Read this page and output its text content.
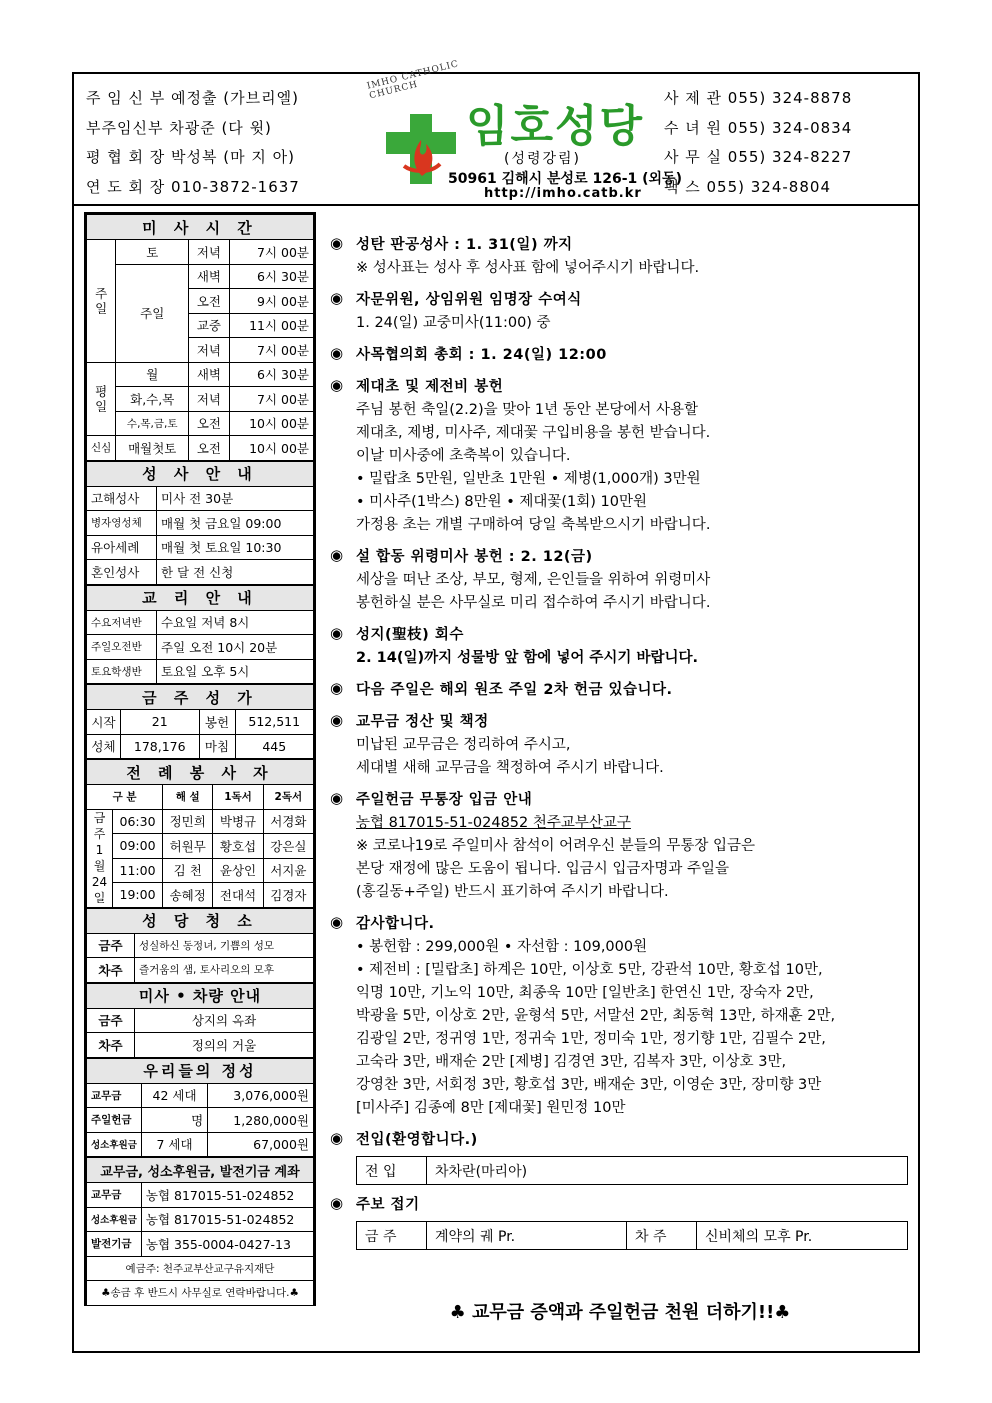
주 임 신 부 예정출 (가브리엘)
부주임신부 차광준 (다 윗)
평 협 회 장 박성복 (마 지 아)
연 도 회 장 010-3872-1637
IMHO CATHOLIC CHURCH
임호성당
(성령강림)
50961 김해시 분성로 126-1 (외동)
http://imho.catb.kr
사 제 관 055) 324-8878
수 녀 원 055) 324-0834
사 무 실 055) 324-8227
팩 스 055) 324-8804
미 사 시 간			
주일	토	저녁	7시 00분
	주일	새벽	6시 30분
		오전	9시 00분
		교중	11시 00분
		저녁	7시 00분
평일	월	새벽	6시 30분
	화,수,목	저녁	7시 00분
	수,목,금,토	오전	10시 00분
신심	매월첫토	오전	10시 00분
성 사 안 내	
고해성사	미사 전 30분
병자영성체	매월 첫 금요일 09:00
유아세례	매월 첫 토요일 10:30
혼인성사	한 달 전 신청
교 리 안 내	
수요저녁반	수요일 저녁 8시
주일오전반	주일 오전 10시 20분
토요학생반	토요일 오후 5시
금 주 성 가			
시작	21	봉헌	512,511
성체	178,176	마침	445
전 례 봉 사 자				
구 분		해 설	1독서	2독서

금주
1
월
24
일	06:30	정민희	박병규	서경화
	09:00	허원무	황호섭	강은실
	11:00	김 천	윤상인	서지윤
	19:00	송혜정	전대석	김경자
성 당 청 소	
금주	성실하신 동정녀, 기쁨의 성모
차주	즐거움의 샘, 토사리오의 모후
미사 • 차량 안내	
금주	상지의 옥좌
차주	정의의 거울
우리들의 정성		
교무금	42 세대	3,076,000원
주일헌금	명	1,280,000원
성소후원금	7 세대	67,000원
교무금, 성소후원금, 발전기금 계좌	
교무금	농협 817015-51-024852
성소후원금	농협 817015-51-024852
발전기금	농협 355-0004-0427-13
예금주: 천주교부산교구유지재단	
♣송금 후 반드시 사무실로 연락바랍니다.♣	
◉ 성탄 판공성사 : 1. 31(일) 까지
※ 성사표는 성사 후 성사표 함에 넣어주시기 바랍니다.
◉ 자문위원, 상임위원 임명장 수여식
1. 24(일) 교중미사(11:00) 중
◉ 사목협의회 총회 : 1. 24(일) 12:00
◉ 제대초 및 제전비 봉헌
주님 봉헌 축일(2.2)을 맞아 1년 동안 본당에서 사용할
제대초, 제병, 미사주, 제대꽃 구입비용을 봉헌 받습니다.
이날 미사중에 초축복이 있습니다.
• 밀랍초 5만원, 일반초 1만원 • 제병(1,000개) 3만원
• 미사주(1박스) 8만원 • 제대꽃(1회) 10만원
가정용 초는 개별 구매하여 당일 축복받으시기 바랍니다.
◉ 설 합동 위령미사 봉헌 : 2. 12(금)
세상을 떠난 조상, 부모, 형제, 은인들을 위하여 위령미사
봉헌하실 분은 사무실로 미리 접수하여 주시기 바랍니다.
◉ 성지(聖枝) 회수
2. 14(일)까지 성물방 앞 함에 넣어 주시기 바랍니다.
◉ 다음 주일은 해외 원조 주일 2차 헌금 있습니다.
◉ 교무금 정산 및 책정
미납된 교무금은 정리하여 주시고,
세대별 새해 교무금을 책정하여 주시기 바랍니다.
◉ 주일헌금 무통장 입금 안내
농협 817015-51-024852 천주교부산교구
※ 코로나19로 주일미사 참석이 어려우신 분들의 무통장 입금은
본당 재정에 많은 도움이 됩니다. 입금시 입금자명과 주일을
(홍길동+주일) 반드시 표기하여 주시기 바랍니다.
◉ 감사합니다.
• 봉헌함 : 299,000원 • 자선함 : 109,000원
• 제전비 : [밀랍초] 하계은 10만, 이상호 5만, 강관석 10만, 황호섭 10만,
익명 10만, 기노익 10만, 최종욱 10만 [일반초] 한연신 1만, 장숙자 2만,
박광율 5만, 이상호 2만, 윤형석 5만, 서말선 2만, 최동혁 13만, 하재훈 2만,
김광일 2만, 정귀영 1만, 정귀숙 1만, 정미숙 1만, 정기향 1만, 김필수 2만,
고숙라 3만, 배재순 2만 [제병] 김경연 3만, 김복자 3만, 이상호 3만,
강영찬 3만, 서회정 3만, 황호섭 3만, 배재순 3만, 이영순 3만, 장미향 3만
[미사주] 김종예 8만 [제대꽃] 원민정 10만
◉ 전입(환영합니다.)
전 입	차차란(마리아)
◉ 주보 접기
금 주	계약의 궤 Pr.	차 주	신비체의 모후 Pr.
♣ 교무금 증액과 주일헌금 천원 더하기!!♣
